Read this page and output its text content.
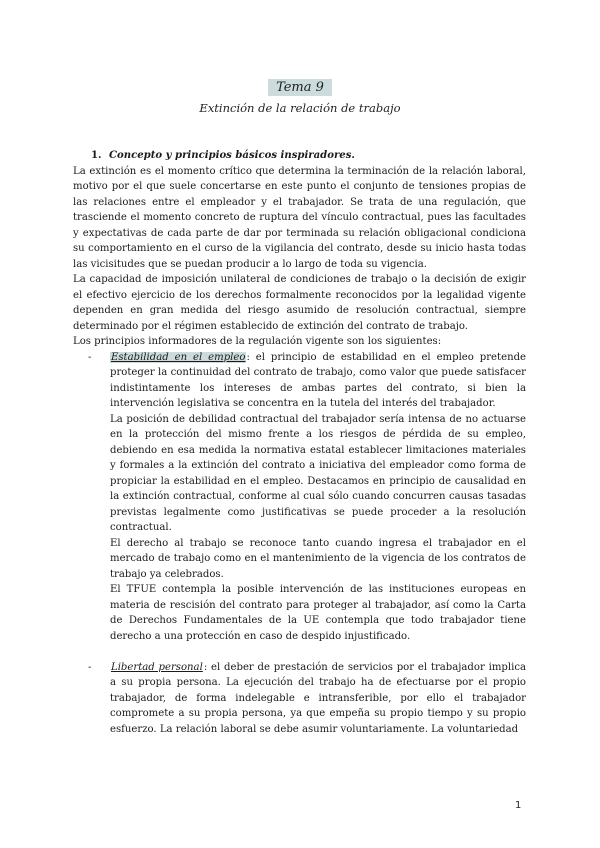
Tema 9
Extinción de la relación de trabajo

1. Concepto y principios básicos inspiradores.

La extinción es el momento crítico que determina la terminación de la relación laboral, motivo por el que suele concertarse en este punto el conjunto de tensiones propias de las relaciones entre el empleador y el trabajador. Se trata de una regulación, que trasciende el momento concreto de ruptura del vínculo contractual, pues las facultades y expectativas de cada parte de dar por terminada su relación obligacional condiciona su comportamiento en el curso de la vigilancia del contrato, desde su inicio hasta todas las vicisitudes que se puedan producir a lo largo de toda su vigencia.

La capacidad de imposición unilateral de condiciones de trabajo o la decisión de exigir el efectivo ejercicio de los derechos formalmente reconocidos por la legalidad vigente dependen en gran medida del riesgo asumido de resolución contractual, siempre determinado por el régimen establecido de extinción del contrato de trabajo.

Los principios informadores de la regulación vigente son los siguientes:

- Estabilidad en el empleo: el principio de estabilidad en el empleo pretende proteger la continuidad del contrato de trabajo, como valor que puede satisfacer indistintamente los intereses de ambas partes del contrato, si bien la intervención legislativa se concentra en la tutela del interés del trabajador.

La posición de debilidad contractual del trabajador sería intensa de no actuarse en la protección del mismo frente a los riesgos de pérdida de su empleo, debiendo en esa medida la normativa estatal establecer limitaciones materiales y formales a la extinción del contrato a iniciativa del empleador como forma de propiciar la estabilidad en el empleo. Destacamos en principio de causalidad en la extinción contractual, conforme al cual sólo cuando concurren causas tasadas previstas legalmente como justificativas se puede proceder a la resolución contractual.

El derecho al trabajo se reconoce tanto cuando ingresa el trabajador en el mercado de trabajo como en el mantenimiento de la vigencia de los contratos de trabajo ya celebrados.

El TFUE contempla la posible intervención de las instituciones europeas en materia de rescisión del contrato para proteger al trabajador, así como la Carta de Derechos Fundamentales de la UE contempla que todo trabajador tiene derecho a una protección en caso de despido injustificado.

- Libertad personal: el deber de prestación de servicios por el trabajador implica a su propia persona. La ejecución del trabajo ha de efectuarse por el propio trabajador, de forma indelegable e intransferible, por ello el trabajador compromete a su propia persona, ya que empeña su propio tiempo y su propio esfuerzo. La relación laboral se debe asumir voluntariamente. La voluntariedad

1
